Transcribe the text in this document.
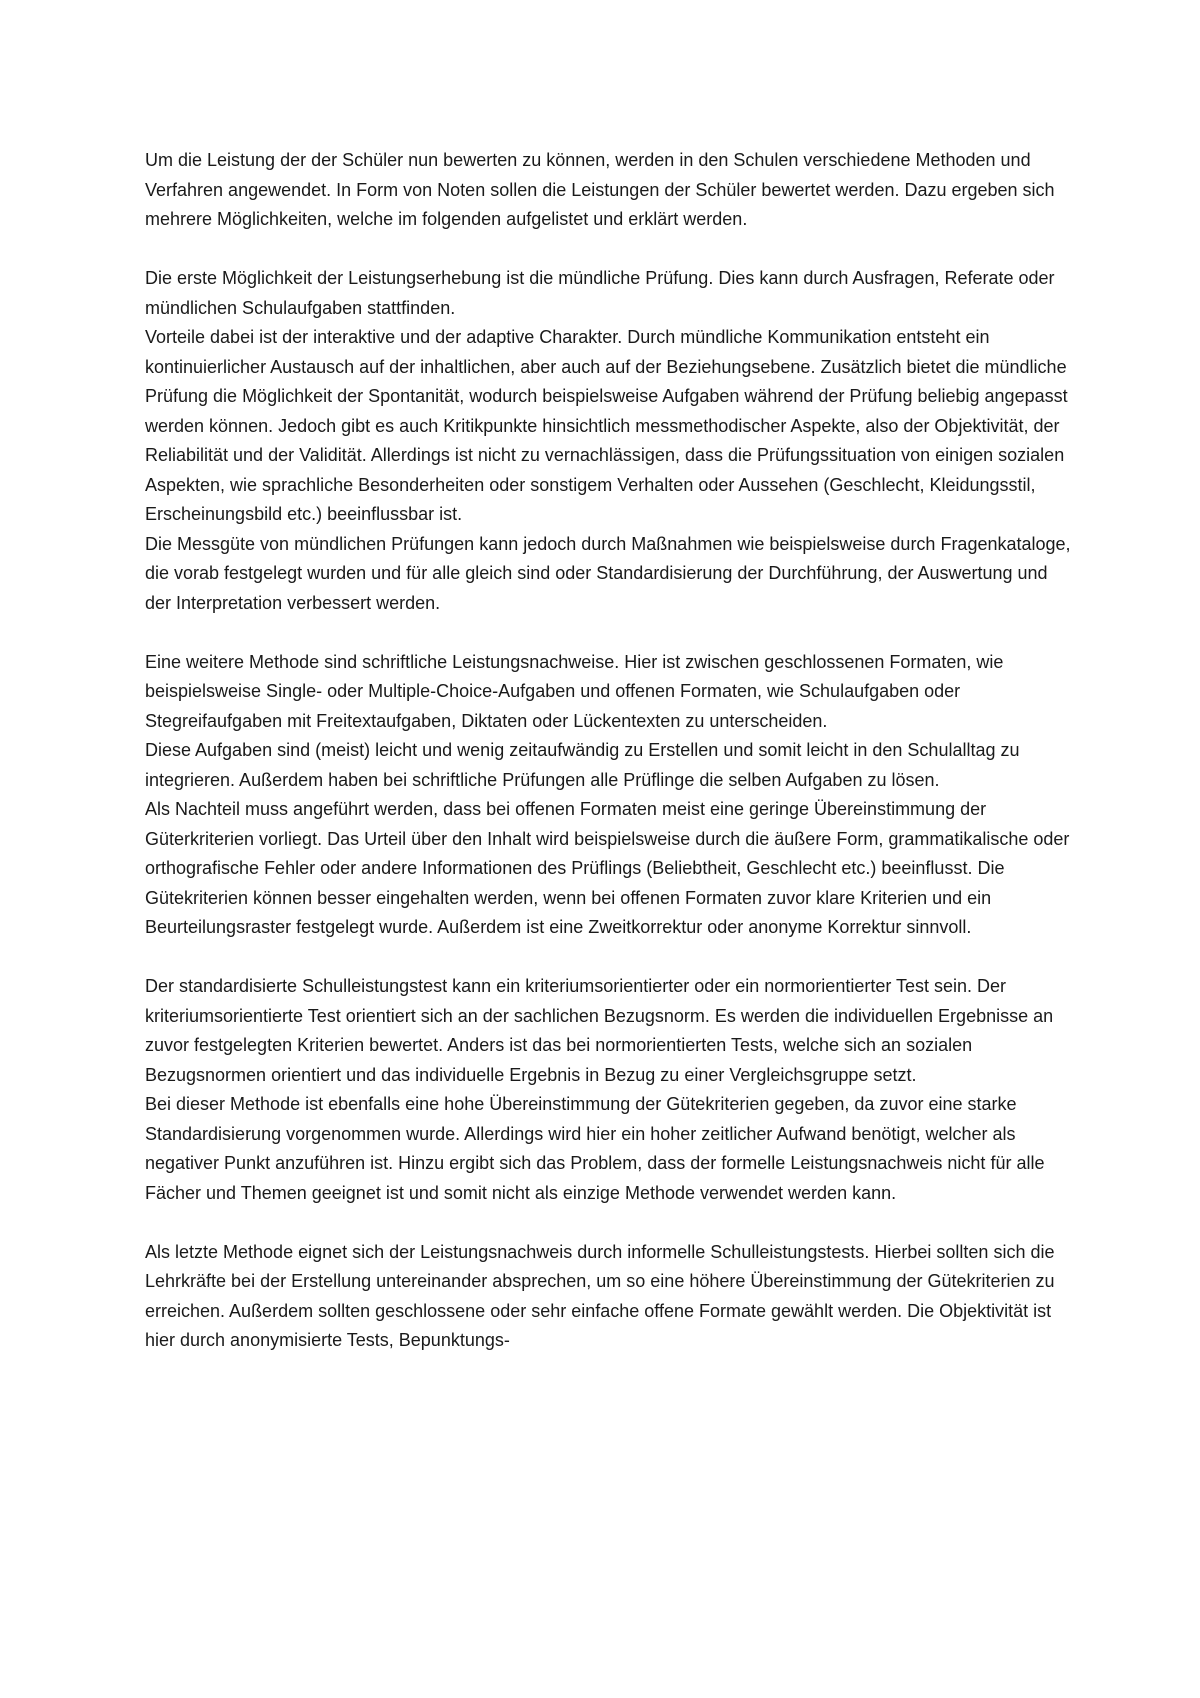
Um die Leistung der der Schüler nun bewerten zu können, werden in den Schulen verschiedene Methoden und Verfahren angewendet. In Form von Noten sollen die Leistungen der Schüler bewertet werden. Dazu ergeben sich mehrere Möglichkeiten, welche im folgenden aufgelistet und erklärt werden.

Die erste Möglichkeit der Leistungserhebung ist die mündliche Prüfung. Dies kann durch Ausfragen, Referate oder mündlichen Schulaufgaben stattfinden.

Vorteile dabei ist der interaktive und der adaptive Charakter. Durch mündliche Kommunikation entsteht ein kontinuierlicher Austausch auf der inhaltlichen, aber auch auf der Beziehungsebene. Zusätzlich bietet die mündliche Prüfung die Möglichkeit der Spontanität, wodurch beispielsweise Aufgaben während der Prüfung beliebig angepasst werden können. Jedoch gibt es auch Kritikpunkte hinsichtlich messmethodischer Aspekte, also der Objektivität, der Reliabilität und der Validität. Allerdings ist nicht zu vernachlässigen, dass die Prüfungssituation von einigen sozialen Aspekten, wie sprachliche Besonderheiten oder sonstigem Verhalten oder Aussehen (Geschlecht, Kleidungsstil, Erscheinungsbild etc.) beeinflussbar ist.

Die Messgüte von mündlichen Prüfungen kann jedoch durch Maßnahmen wie beispielsweise durch Fragenkataloge, die vorab festgelegt wurden und für alle gleich sind oder Standardisierung der Durchführung, der Auswertung und der Interpretation verbessert werden.

Eine weitere Methode sind schriftliche Leistungsnachweise. Hier ist zwischen geschlossenen Formaten, wie beispielsweise Single- oder Multiple-Choice-Aufgaben und offenen Formaten, wie Schulaufgaben oder Stegreifaufgaben mit Freitextaufgaben, Diktaten oder Lückentexten zu unterscheiden.

Diese Aufgaben sind (meist) leicht und wenig zeitaufwändig zu Erstellen und somit leicht in den Schulalltag zu integrieren. Außerdem haben bei schriftliche Prüfungen alle Prüflinge die selben Aufgaben zu lösen.

Als Nachteil muss angeführt werden, dass bei offenen Formaten meist eine geringe Übereinstimmung der Güterkriterien vorliegt. Das Urteil über den Inhalt wird beispielsweise durch die äußere Form, grammatikalische oder orthografische Fehler oder andere Informationen des Prüflings (Beliebtheit, Geschlecht etc.) beeinflusst. Die Gütekriterien können besser eingehalten werden, wenn bei offenen Formaten zuvor klare Kriterien und ein Beurteilungsraster festgelegt wurde. Außerdem ist eine Zweitkorrektur oder anonyme Korrektur sinnvoll.

Der standardisierte Schulleistungstest kann ein kriteriumsorientierter oder ein normorientierter Test sein. Der kriteriumsorientierte Test orientiert sich an der sachlichen Bezugsnorm. Es werden die individuellen Ergebnisse an zuvor festgelegten Kriterien bewertet. Anders ist das bei normorientierten Tests, welche sich an sozialen Bezugsnormen orientiert und das individuelle Ergebnis in Bezug zu einer Vergleichsgruppe setzt.

Bei dieser Methode ist ebenfalls eine hohe Übereinstimmung der Gütekriterien gegeben, da zuvor eine starke Standardisierung vorgenommen wurde. Allerdings wird hier ein hoher zeitlicher Aufwand benötigt, welcher als negativer Punkt anzuführen ist. Hinzu ergibt sich das Problem, dass der formelle Leistungsnachweis nicht für alle Fächer und Themen geeignet ist und somit nicht als einzige Methode verwendet werden kann.

Als letzte Methode eignet sich der Leistungsnachweis durch informelle Schulleistungstests. Hierbei sollten sich die Lehrkräfte bei der Erstellung untereinander absprechen, um so eine höhere Übereinstimmung der Gütekriterien zu erreichen. Außerdem sollten geschlossene oder sehr einfache offene Formate gewählt werden. Die Objektivität ist hier durch anonymisierte Tests, Bepunktungs-
